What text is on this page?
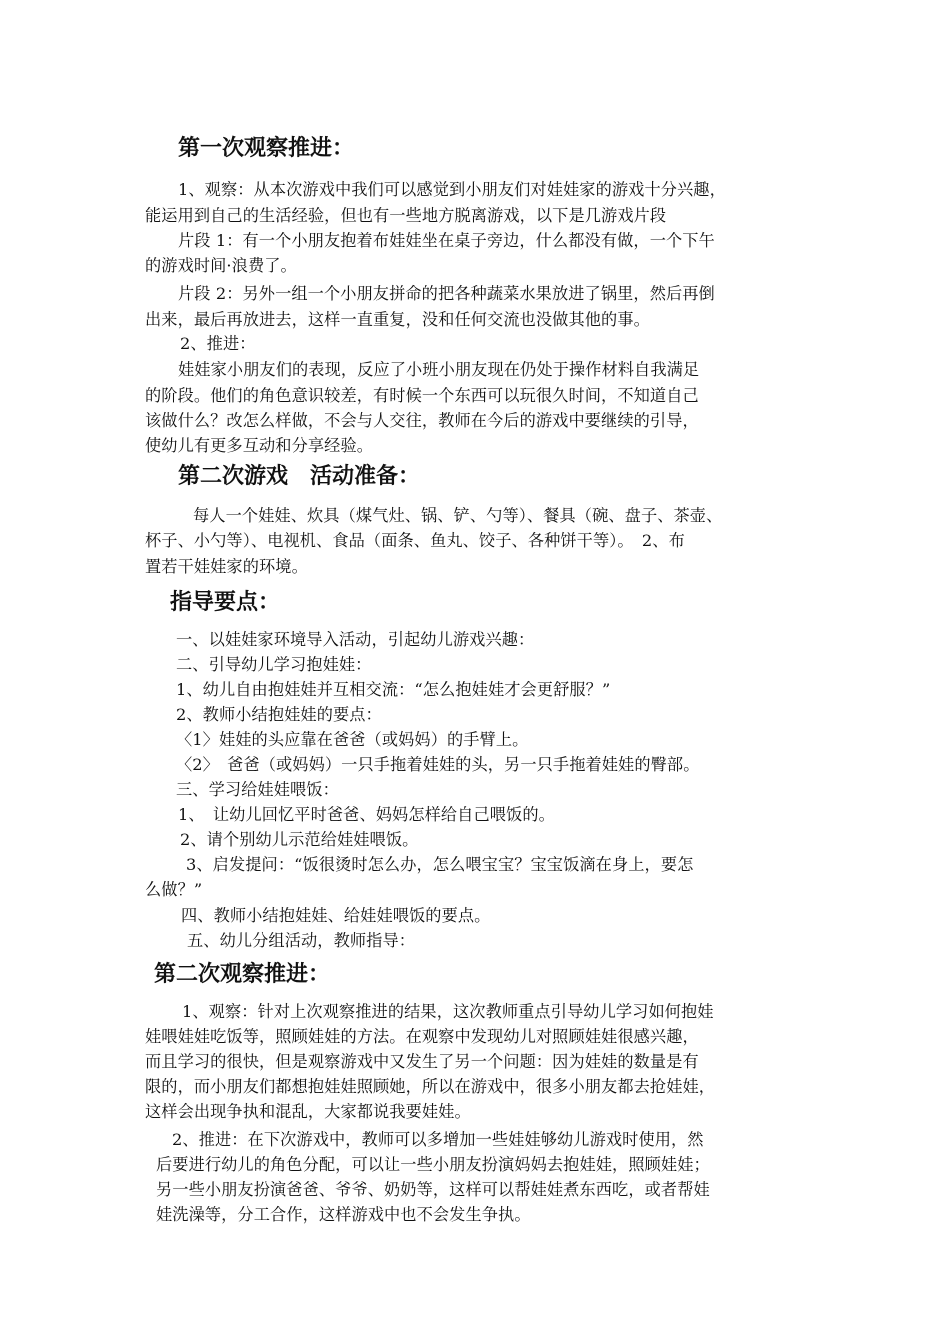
第一次观察推进：

1、观察：从本次游戏中我们可以感觉到小朋友们对娃娃家的游戏十分兴趣，

能运用到自己的生活经验，但也有一些地方脱离游戏，以下是几游戏片段

片段 1：有一个小朋友抱着布娃娃坐在桌子旁边，什么都没有做，一个下午

的游戏时间·浪费了。

片段 2：另外一组一个小朋友拼命的把各种蔬菜水果放进了锅里，然后再倒

出来，最后再放进去，这样一直重复，没和任何交流也没做其他的事。

2、推进：

娃娃家小朋友们的表现，反应了小班小朋友现在仍处于操作材料自我满足

的阶段。他们的角色意识较差，有时候一个东西可以玩很久时间，不知道自己

该做什么？改怎么样做，不会与人交往，教师在今后的游戏中要继续的引导，

使幼儿有更多互动和分享经验。

第二次游戏　活动准备：

每人一个娃娃、炊具（煤气灶、锅、铲、勺等）、餐具（碗、盘子、茶壶、

杯子、小勺等）、电视机、食品（面条、鱼丸、饺子、各种饼干等）。　2、布

置若干娃娃家的环境。

指导要点：

一、以娃娃家环境导入活动，引起幼儿游戏兴趣：

二、引导幼儿学习抱娃娃：

1、幼儿自由抱娃娃并互相交流：“怎么抱娃娃才会更舒服？”

2、教师小结抱娃娃的要点：

〈1〉娃娃的头应靠在爸爸（或妈妈）的手臂上。

〈2〉　爸爸（或妈妈）一只手拖着娃娃的头，另一只手拖着娃娃的臀部。

三、学习给娃娃喂饭：

1、　让幼儿回忆平时爸爸、妈妈怎样给自己喂饭的。

2、请个别幼儿示范给娃娃喂饭。

3、启发提问：“饭很烫时怎么办，怎么喂宝宝？宝宝饭滴在身上，要怎

么做？”

四、教师小结抱娃娃、给娃娃喂饭的要点。

五、幼儿分组活动，教师指导：

第二次观察推进：

1、观察：针对上次观察推进的结果，这次教师重点引导幼儿学习如何抱娃

娃喂娃娃吃饭等，照顾娃娃的方法。在观察中发现幼儿对照顾娃娃很感兴趣，

而且学习的很快，但是观察游戏中又发生了另一个问题：因为娃娃的数量是有

限的，而小朋友们都想抱娃娃照顾她，所以在游戏中，很多小朋友都去抢娃娃，

这样会出现争执和混乱，大家都说我要娃娃。

2、推进：在下次游戏中，教师可以多增加一些娃娃够幼儿游戏时使用，然

后要进行幼儿的角色分配，可以让一些小朋友扮演妈妈去抱娃娃，照顾娃娃；

另一些小朋友扮演爸爸、爷爷、奶奶等，这样可以帮娃娃煮东西吃，或者帮娃

娃洗澡等，分工合作，这样游戏中也不会发生争执。
